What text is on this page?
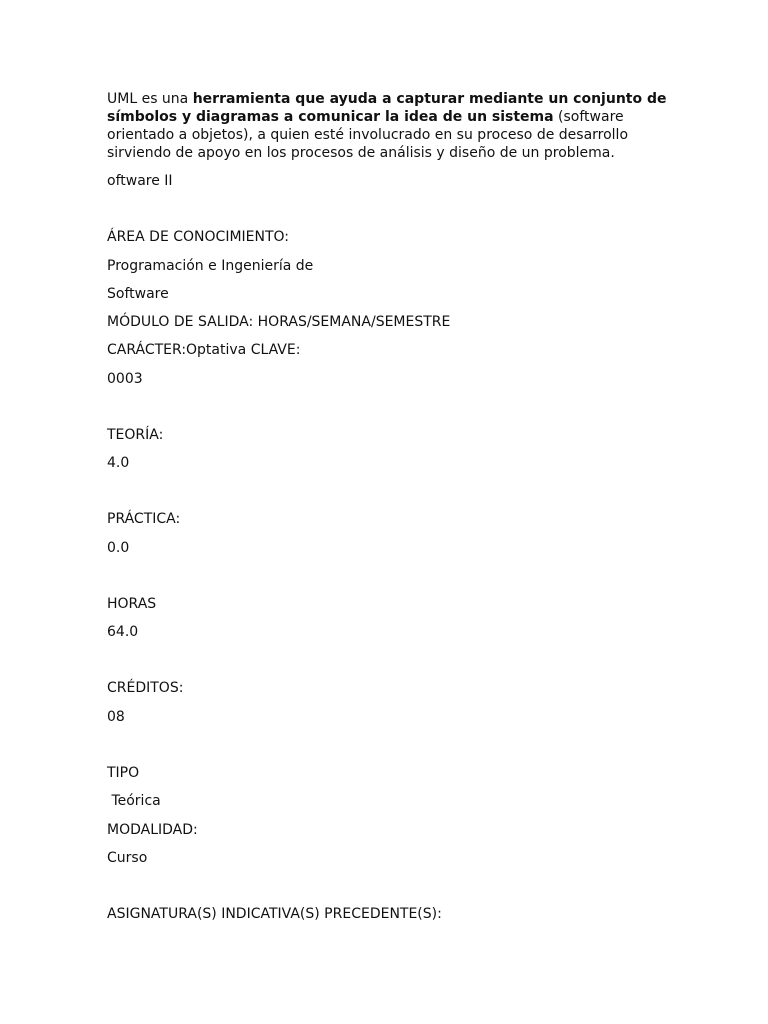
UML es una herramienta que ayuda a capturar mediante un conjunto de símbolos y diagramas a comunicar la idea de un sistema (software orientado a objetos), a quien esté involucrado en su proceso de desarrollo sirviendo de apoyo en los procesos de análisis y diseño de un problema.

oftware II

ÁREA DE CONOCIMIENTO:

Programación e Ingeniería de

Software

MÓDULO DE SALIDA: HORAS/SEMANA/SEMESTRE

CARÁCTER:Optativa CLAVE:

0003

TEORÍA:

4.0

PRÁCTICA:

0.0

HORAS

64.0

CRÉDITOS:

08

TIPO

Teórica

MODALIDAD:

Curso

ASIGNATURA(S) INDICATIVA(S) PRECEDENTE(S):
